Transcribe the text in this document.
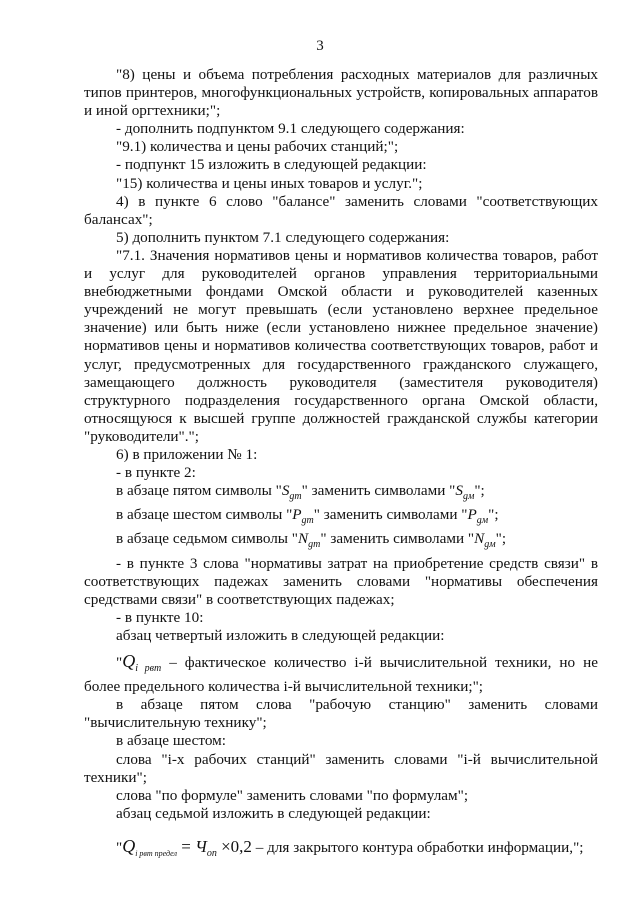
3

"8) цены и объема потребления расходных материалов для различных типов принтеров, многофункциональных устройств, копировальных аппаратов и иной оргтехники;";

- дополнить подпунктом 9.1 следующего содержания:

"9.1) количества и цены рабочих станций;";

- подпункт 15 изложить в следующей редакции:

"15) количества и цены иных товаров и услуг.";

4) в пункте 6 слово "балансе" заменить словами "соответствующих балансах";

5) дополнить пунктом 7.1 следующего содержания:

"7.1. Значения нормативов цены и нормативов количества товаров, работ и услуг для руководителей органов управления территориальными внебюджетными фондами Омской области и руководителей казенных учреждений не могут превышать (если установлено верхнее предельное значение) или быть ниже (если установлено нижнее предельное значение) нормативов цены и нормативов количества соответствующих товаров, работ и услуг, предусмотренных для государственного гражданского служащего, замещающего должность руководителя (заместителя руководителя) структурного подразделения государственного органа Омской области, относящуюся к высшей группе должностей гражданской службы категории "руководители".";

6) в приложении № 1:

- в пункте 2:

в абзаце пятом символы "$S_{gm}$" заменить символами "$S_{gм}$";

в абзаце шестом символы "$P_{gm}$" заменить символами "$P_{gм}$";

в абзаце седьмом символы "$N_{gm}$" заменить символами "$N_{gм}$";

- в пункте 3 слова "нормативы затрат на приобретение средств связи" в соответствующих падежах заменить словами "нормативы обеспечения средствами связи" в соответствующих падежах;

- в пункте 10:

абзац четвертый изложить в следующей редакции:

"$Q_{i рвт}$ – фактическое количество i-й вычислительной техники, но не более предельного количества i-й вычислительной техники;";

в абзаце пятом слова "рабочую станцию" заменить словами "вычислительную технику";

в абзаце шестом:

слова "i-х рабочих станций" заменить словами "i-й вычислительной техники";

слова "по формуле" заменить словами "по формулам";

абзац седьмой изложить в следующей редакции:

"$Q_{i рвт предел} = Ч_{оп} \times 0,2$ – для закрытого контура обработки информации,";
